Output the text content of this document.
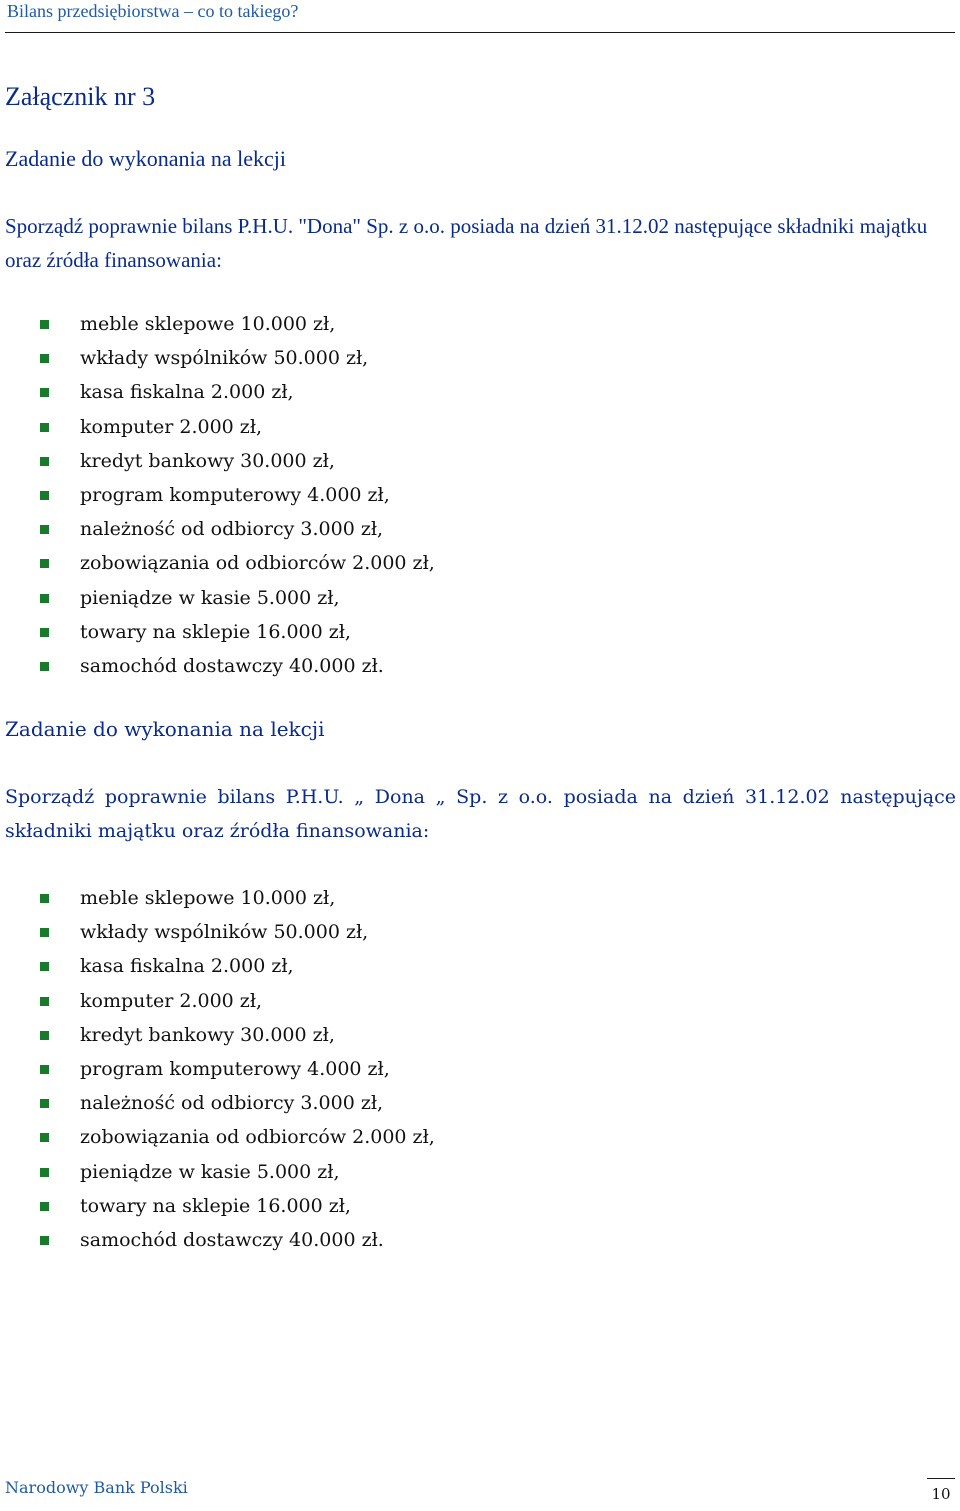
Bilans przedsiębiorstwa – co to takiego?
Załącznik nr 3
Zadanie do wykonania na lekcji
Sporządź poprawnie bilans P.H.U. "Dona" Sp. z o.o. posiada na dzień 31.12.02 następujące składniki majątku oraz źródła finansowania:
meble sklepowe 10.000 zł,
wkłady wspólników 50.000 zł,
kasa fiskalna 2.000 zł,
komputer 2.000 zł,
kredyt bankowy 30.000 zł,
program komputerowy 4.000 zł,
należność od odbiorcy 3.000 zł,
zobowiązania od odbiorców 2.000 zł,
pieniądze w kasie 5.000 zł,
towary na sklepie 16.000 zł,
samochód dostawczy 40.000 zł.
Zadanie do wykonania na lekcji
Sporządź poprawnie bilans P.H.U. „ Dona „ Sp. z o.o. posiada na dzień 31.12.02 następujące składniki majątku oraz źródła finansowania:
meble sklepowe 10.000 zł,
wkłady wspólników 50.000 zł,
kasa fiskalna 2.000 zł,
komputer 2.000 zł,
kredyt bankowy 30.000 zł,
program komputerowy 4.000 zł,
należność od odbiorcy 3.000 zł,
zobowiązania od odbiorców 2.000 zł,
pieniądze w kasie 5.000 zł,
towary na sklepie 16.000 zł,
samochód dostawczy 40.000 zł.
Narodowy Bank Polski	10
